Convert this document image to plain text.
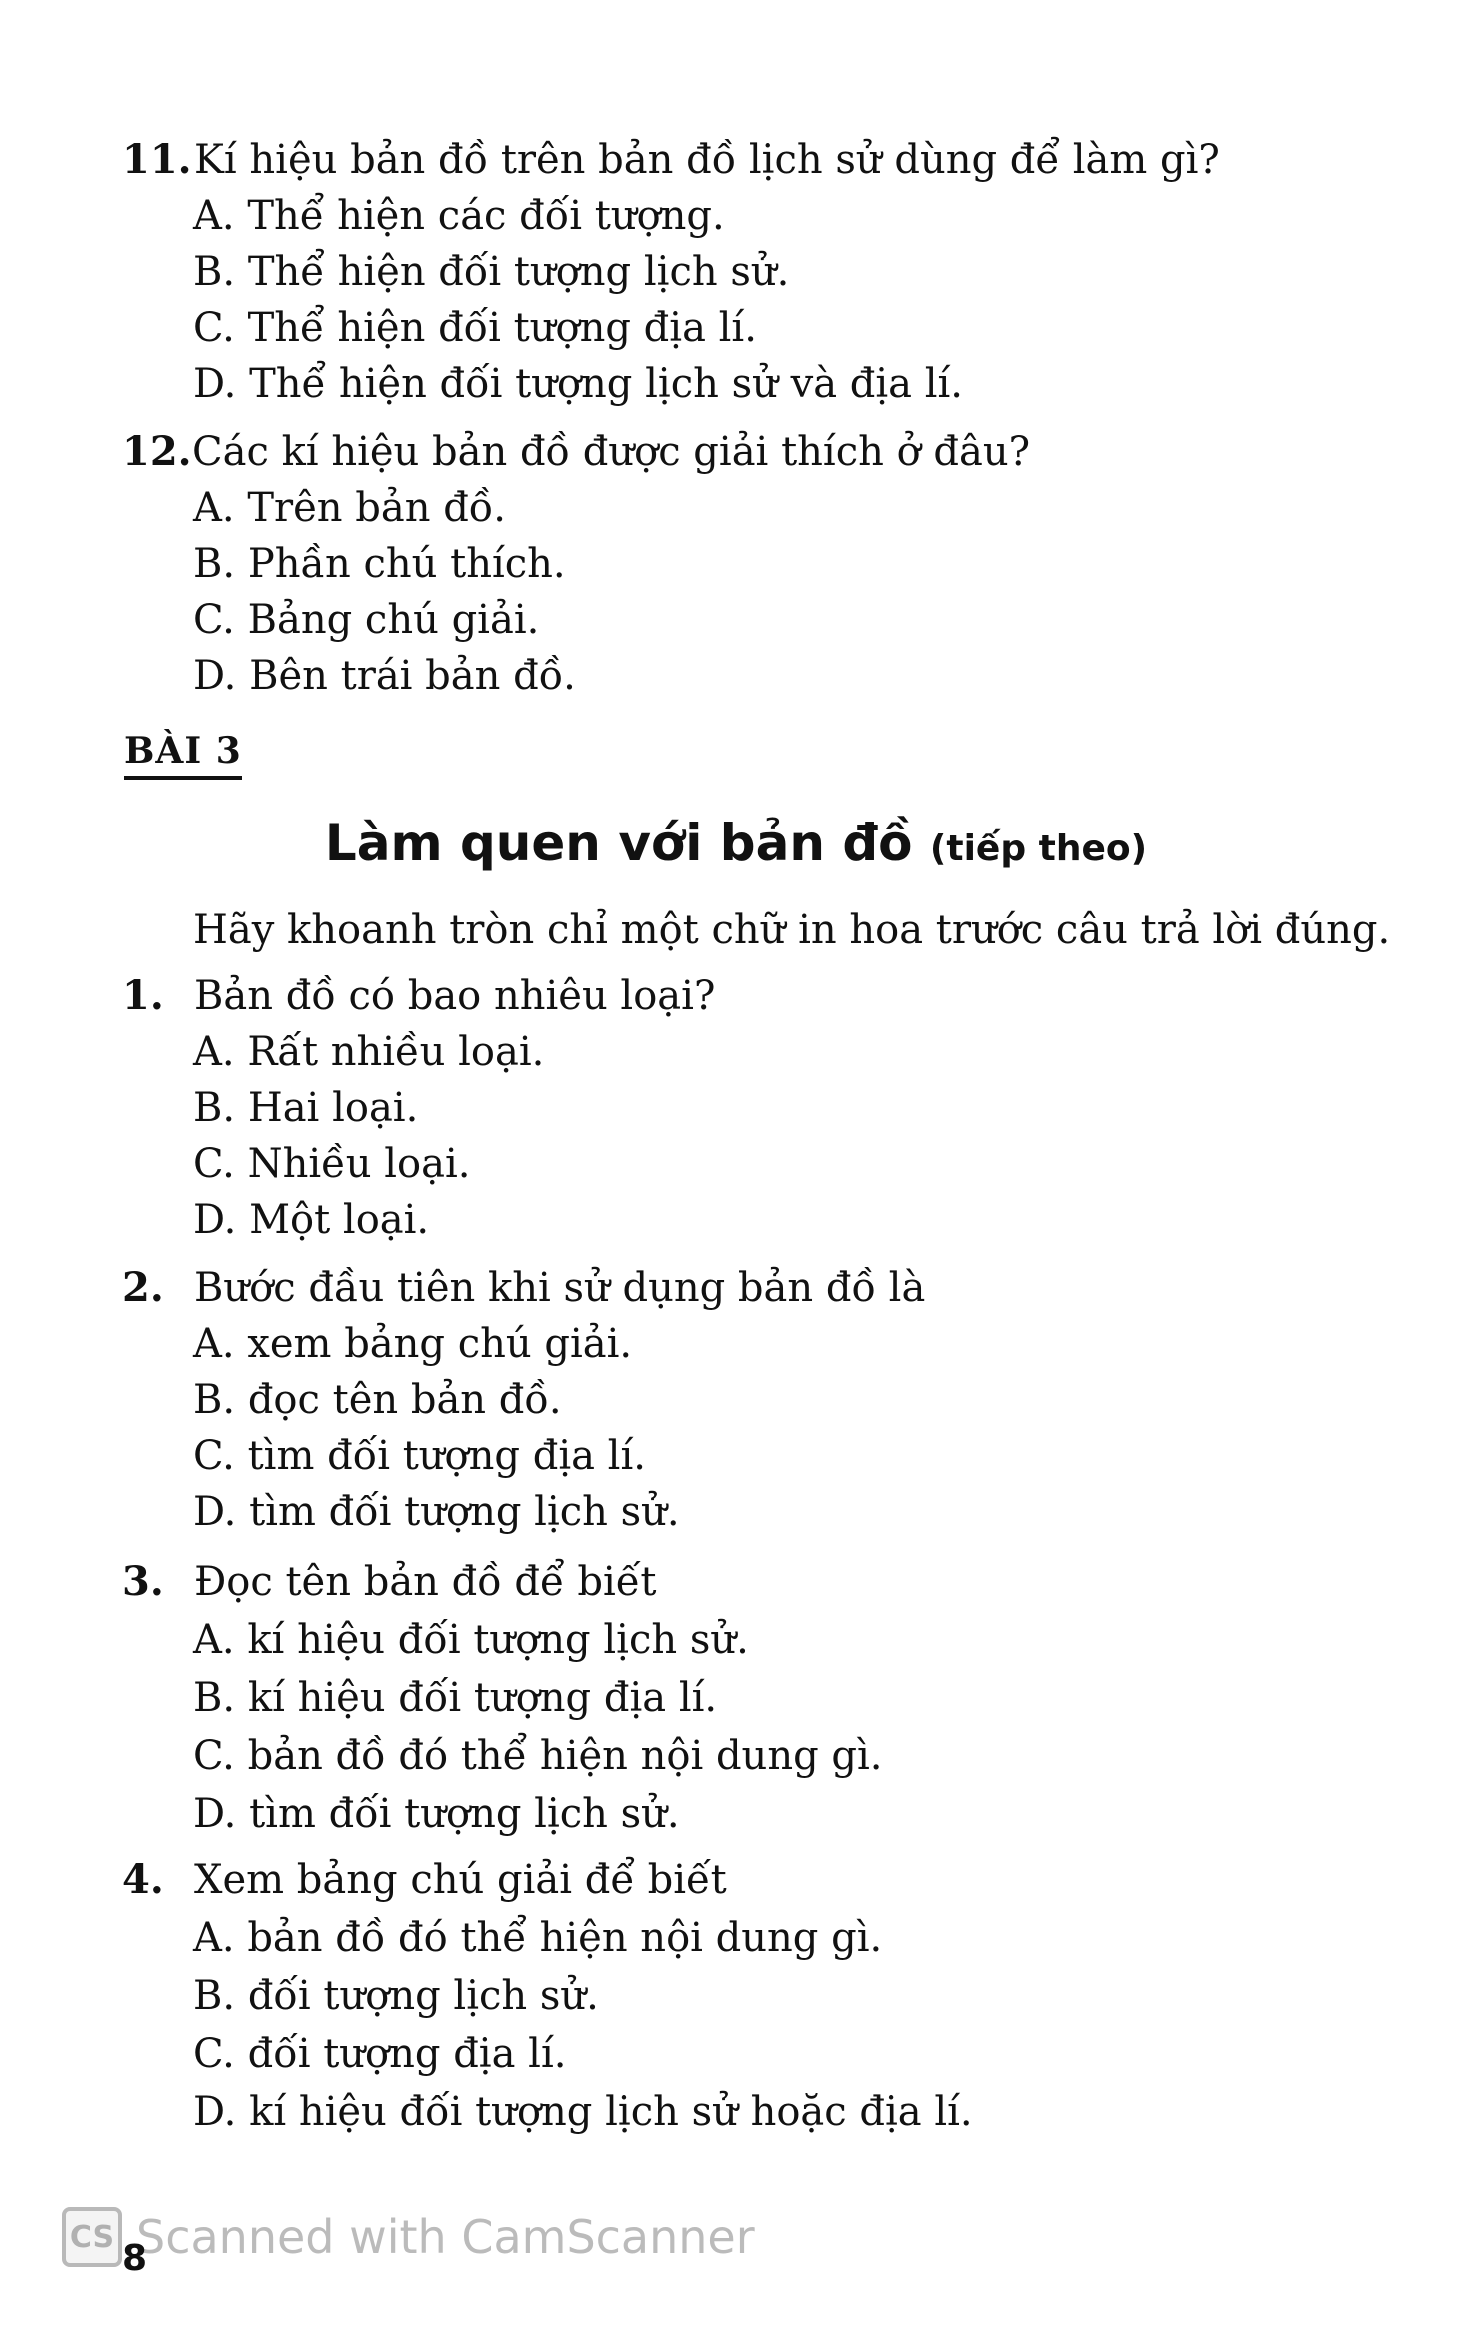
11.Kí hiệu bản đồ trên bản đồ lịch sử dùng để làm gì?
A. Thể hiện các đối tượng.
B. Thể hiện đối tượng lịch sử.
C. Thể hiện đối tượng địa lí.
D. Thể hiện đối tượng lịch sử và địa lí.
12.Các kí hiệu bản đồ được giải thích ở đâu?
A. Trên bản đồ.
B. Phần chú thích.
C. Bảng chú giải.
D. Bên trái bản đồ.
BÀI 3
Làm quen với bản đồ (tiếp theo)
Hãy khoanh tròn chỉ một chữ in hoa trước câu trả lời đúng.
1. Bản đồ có bao nhiêu loại?
A. Rất nhiều loại.
B. Hai loại.
C. Nhiều loại.
D. Một loại.
2. Bước đầu tiên khi sử dụng bản đồ là
A. xem bảng chú giải.
B. đọc tên bản đồ.
C. tìm đối tượng địa lí.
D. tìm đối tượng lịch sử.
3. Đọc tên bản đồ để biết
A. kí hiệu đối tượng lịch sử.
B. kí hiệu đối tượng địa lí.
C. bản đồ đó thể hiện nội dung gì.
D. tìm đối tượng lịch sử.
4. Xem bảng chú giải để biết
A. bản đồ đó thể hiện nội dung gì.
B. đối tượng lịch sử.
C. đối tượng địa lí.
D. kí hiệu đối tượng lịch sử hoặc địa lí.
CS Scanned with CamScanner
8
